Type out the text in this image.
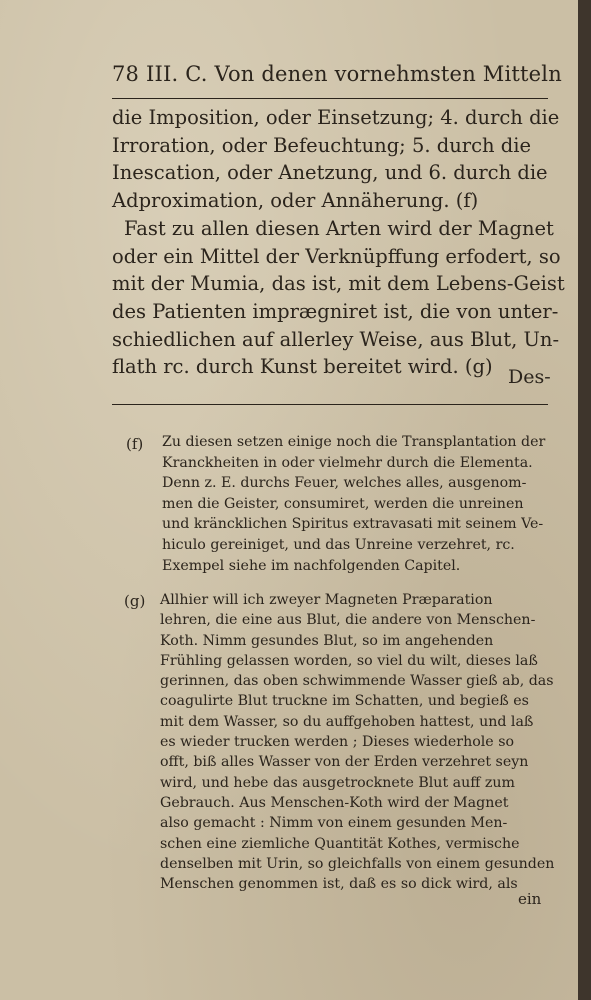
78 III. C. Von denen vornehmsten Mitteln
die Imposition, oder Einsetzung; 4. durch die
Irroration, oder Befeuchtung; 5. durch die
Inescation, oder Anetzung, und 6. durch die
Adproximation, oder Annäherung. (f)
Fast zu allen diesen Arten wird der Magnet
oder ein Mittel der Verknüpffung erfodert, so
mit der Mumia, das ist, mit dem Lebens-Geist
des Patienten imprægniret ist, die von unter-
schiedlichen auf allerley Weise, aus Blut, Un-
flath rc. durch Kunst bereitet wird. (g) Des-
(f) Zu diesen setzen einige noch die Transplantation der
Kranckheiten in oder vielmehr durch die Elementa.
Denn z. E. durchs Feuer, welches alles, ausgenom-
men die Geister, consumiret, werden die unreinen
und kräncklichen Spiritus extravasati mit seinem Ve-
hiculo gereiniget, und das Unreine verzehret, rc.
Exempel siehe im nachfolgenden Capitel.
(g) Allhier will ich zweyer Magneten Præparation
lehren, die eine aus Blut, die andere von Menschen-
Koth. Nimm gesundes Blut, so im angehenden
Frühling gelassen worden, so viel du wilt, dieses laß
gerinnen, das oben schwimmende Wasser gieß ab, das
coagulirte Blut truckne im Schatten, und begieß es
mit dem Wasser, so du auffgehoben hattest, und laß
es wieder trucken werden ; Dieses wiederhole so
offt, biß alles Wasser von der Erden verzehret seyn
wird, und hebe das ausgetrocknete Blut auff zum
Gebrauch. Aus Menschen-Koth wird der Magnet
also gemacht : Nimm von einem gesunden Men-
schen eine ziemliche Quantität Kothes, vermische
denselben mit Urin, so gleichfalls von einem gesunden
Menschen genommen ist, daß es so dick wird, als
ein
